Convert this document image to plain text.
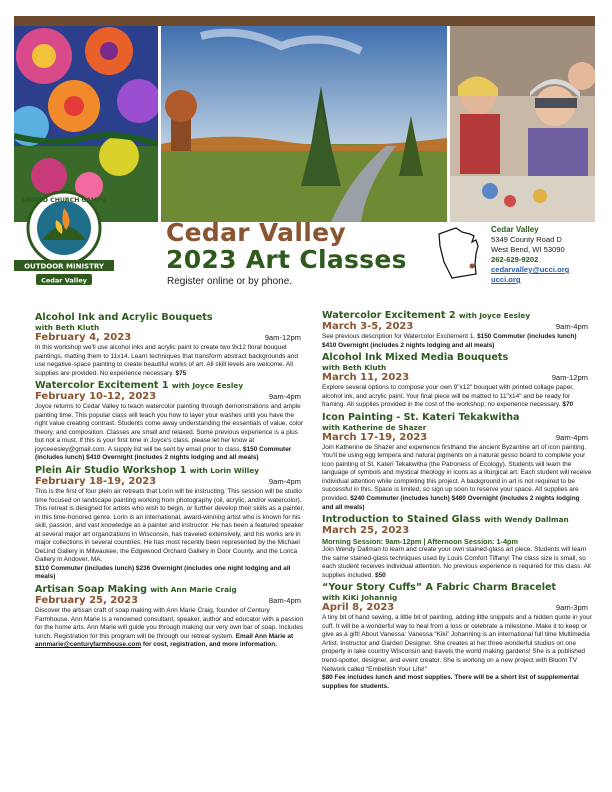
UNITED CHURCH CAMPS
OUTDOOR MINISTRY
Cedar Valley
Cedar Valley
2023 Art Classes
Register online or by phone.
Cedar Valley
5349 County Road D
West Bend, WI 53090
262-629-9202
cedarvalley@ucci.org
ucci.org
Alcohol Ink and Acrylic Bouquets
with Beth Kluth
February 4, 2023	9am-12pm
In this workshop we'll use alcohol inks and acrylic paint to create two 9x12 floral bouquet paintings, matting them to 11x14. Learn techniques that transform abstract backgrounds and use negative-space painting to create beautiful works of art. All skill levels are welcome. All supplies are provided. No experience necessary. $75
Watercolor Excitement 1 with Joyce Eesley
February 10-12, 2023	9am-4pm
Joyce returns to Cedar Valley to teach watercolor painting through demonstrations and ample painting time. This popular class will teach you how to layer your washes until you have the right value creating contrast. Students come away understanding the essentials of value, color theory, and composition. Classes are small and relaxed. Some previous experience is a plus but not a must. If this is your first time in Joyce's class, please let her know at joyceeesley@gmail.com. A supply list will be sent by email prior to class. $150 Commuter (includes lunch) $410 Overnight (includes 2 nights lodging and all meals)
Plein Air Studio Workshop 1 with Lorin Willey
February 18-19, 2023	9am-4pm
This is the first of four plein air retreats that Lorin will be instructing. This session will be studio time focused on landscape painting working from photography (oil, acrylic, and/or watercolor). This retreat is designed for artists who wish to begin, or further develop their skills as a painter, in this time-honored genre. Lorin is an international, award-winning artist who is known for his skill, passion, and vast knowledge as a painter and instructor. He has been a featured speaker at several major art organizations in Wisconsin, has traveled extensively, and his works are in major collections in several countries. He has most recently been represented by the Michael DeLind Gallery in Milwaukee, the Edgewood Orchard Gallery in Door County, and the Lorica Gallery in Andover, MA.
$110 Commuter (includes lunch) $236 Overnight (includes one night lodging and all meals)
Artisan Soap Making with Ann Marie Craig
February 25, 2023	8am-4pm
Discover the artisan craft of soap making with Ann Marie Craig, founder of Century Farmhouse. Ann Marie is a renowned consultant, speaker, author and educator with a passion for the home arts. Ann Marie will guide you through making our very own bar of soap. Includes lunch. Registration for this program will be through our retreat system. Email Ann Marie at annmarie@centuryfarmhouse.com for cost, registration, and more information.
Watercolor Excitement 2 with Joyce Eesley
March 3-5, 2023	9am-4pm
See previous description for Watercolor Excitement 1. $150 Commuter (includes lunch) $410 Overnight (includes 2 nights lodging and all meals)
Alcohol Ink Mixed Media Bouquets
with Beth Kluth
March 11, 2023	9am-12pm
Explore several options to compose your own 9"x12" bouquet with printed collage paper, alcohol ink, and acrylic paint. Your final piece will be matted to 11"x14" and be ready for framing. All supplies provided in the cost of the workshop; no experience necessary. $70
Icon Painting - St. Kateri Tekakwitha
with Katherine de Shazer
March 17-19, 2023	9am-4pm
Join Katherine de Shazer and experience firsthand the ancient Byzantine art of icon painting. You'll be using egg tempera and natural pigments on a natural gesso board to complete your icon painting of St. Kateri Tekakwitha (the Patroness of Ecology). Students will learn the language of symbols and mystical theology in icons as a liturgical art. Each student will receive individual attention while completing this project. A background in art is not required to be successful in this. Space is limited, so sign up soon to reserve your space. All supplies are provided. $240 Commuter (includes lunch) $480 Overnight (includes 2 nights lodging and all meals)
Introduction to Stained Glass with Wendy Dallman
March 25, 2023
Morning Session: 9am-12pm | Afternoon Session: 1-4pm
Join Wendy Dallman to learn and create your own stained-glass art piece. Students will learn the same stained-glass techniques used by Louis Comfort Tiffany! The class size is small, so each student receives individual attention. No previous experience is required for this class. All supplies included. $50
“Your Story Cuffs” A Fabric Charm Bracelet
with KiKi Johannig
April 8, 2023	9am-3pm
A tiny bit of hand sewing, a little bit of painting, adding little snippets and a hidden quote in your cuff. It will be a wonderful way to heal from a loss or celebrate a milestone. Make it to keep or give as a gift! About Vanessa: Vanessa “Kiki” Johanning is an international full time Multimedia Artist, Instructor and Garden Designer. She creates at her three wonderful studios on one property in lake country Wisconsin and travels the world making gardens! She is a published trend-spotter, designer, and event creator. She is working on a new project with Bloom TV Network called “Embellish Your Life!”
$80 Fee includes lunch and most supplies. There will be a short list of supplemental supplies for students.
